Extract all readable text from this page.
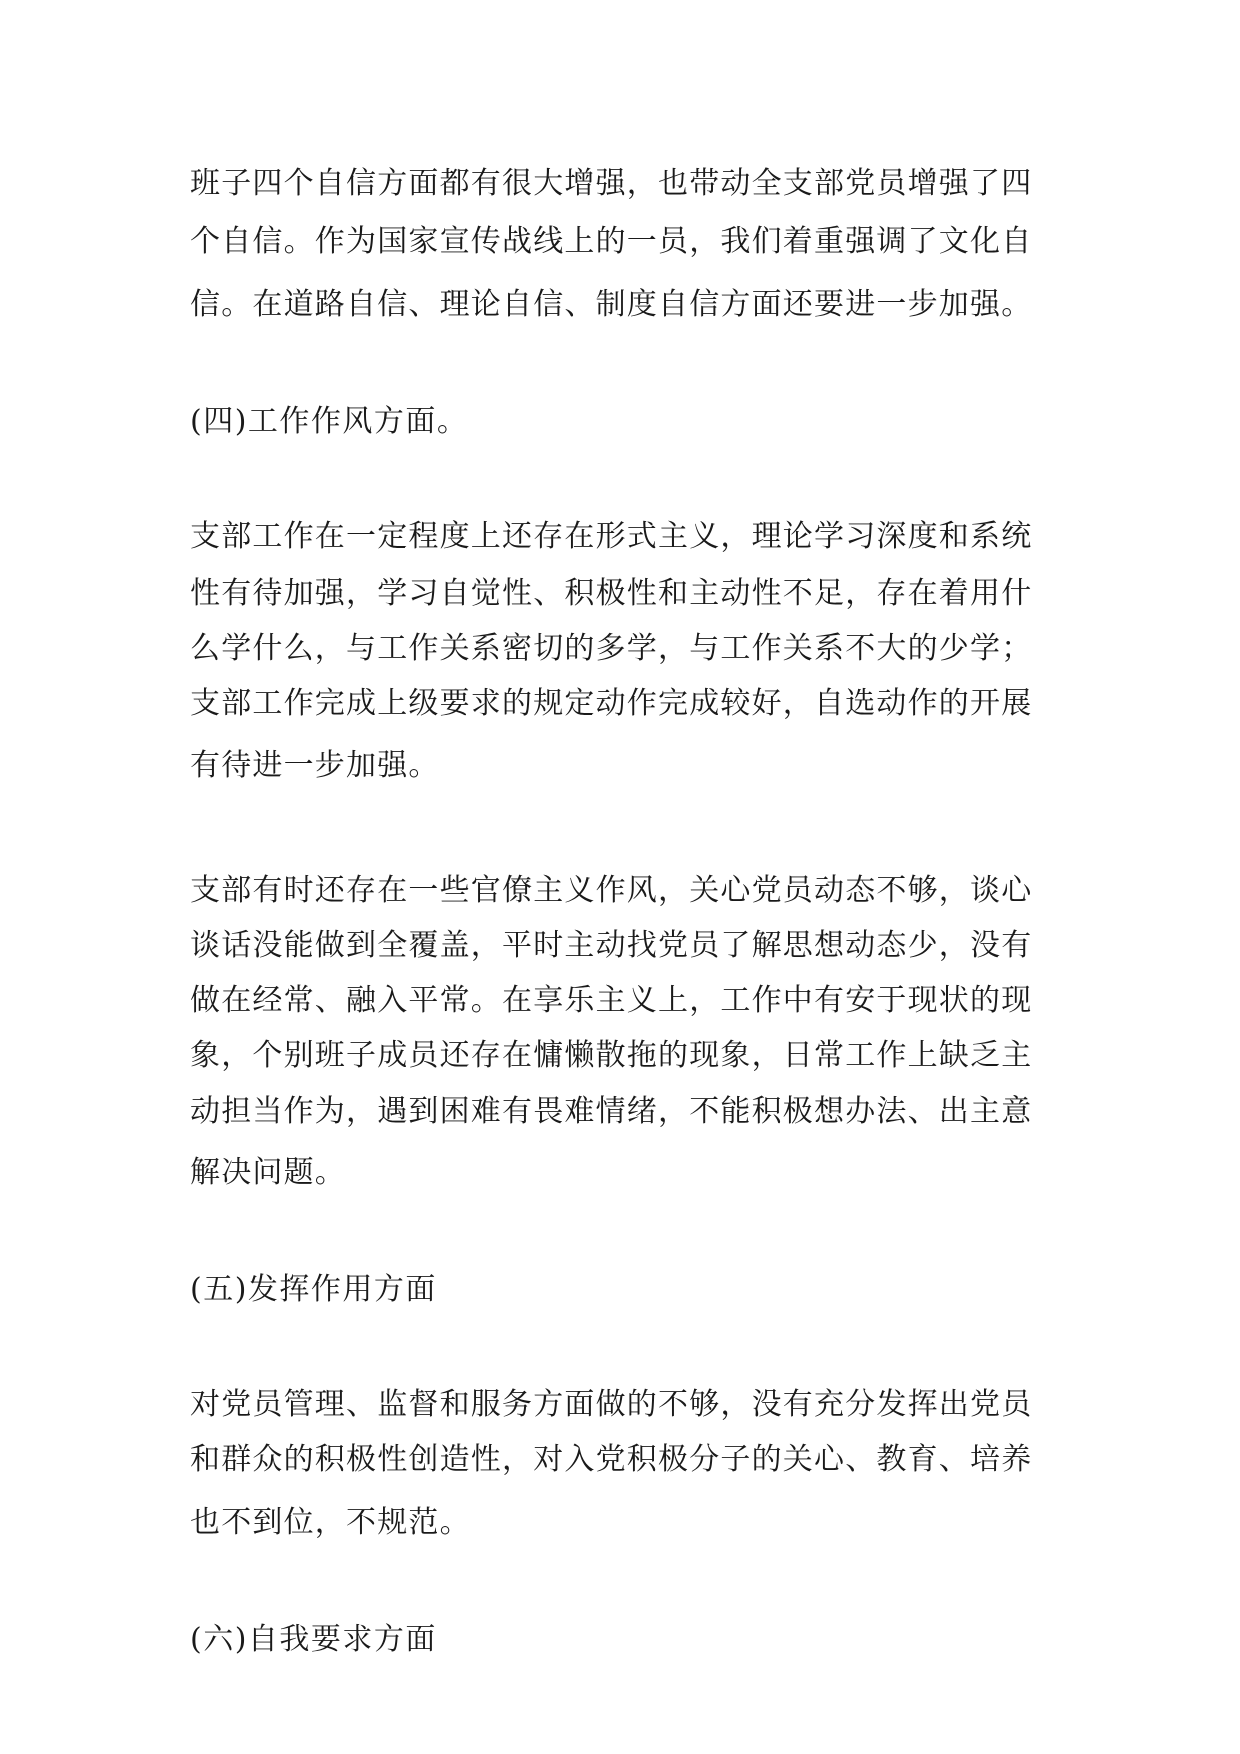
班子四个自信方面都有很大增强，也带动全支部党员增强了四
个自信。作为国家宣传战线上的一员，我们着重强调了文化自
信。在道路自信、理论自信、制度自信方面还要进一步加强。
(四)工作作风方面。
支部工作在一定程度上还存在形式主义，理论学习深度和系统
性有待加强，学习自觉性、积极性和主动性不足，存在着用什
么学什么，与工作关系密切的多学，与工作关系不大的少学；
支部工作完成上级要求的规定动作完成较好，自选动作的开展
有待进一步加强。
支部有时还存在一些官僚主义作风，关心党员动态不够，谈心
谈话没能做到全覆盖，平时主动找党员了解思想动态少，没有
做在经常、融入平常。在享乐主义上，工作中有安于现状的现
象，个别班子成员还存在慵懒散拖的现象，日常工作上缺乏主
动担当作为，遇到困难有畏难情绪，不能积极想办法、出主意
解决问题。
(五)发挥作用方面
对党员管理、监督和服务方面做的不够，没有充分发挥出党员
和群众的积极性创造性，对入党积极分子的关心、教育、培养
也不到位，不规范。
(六)自我要求方面
